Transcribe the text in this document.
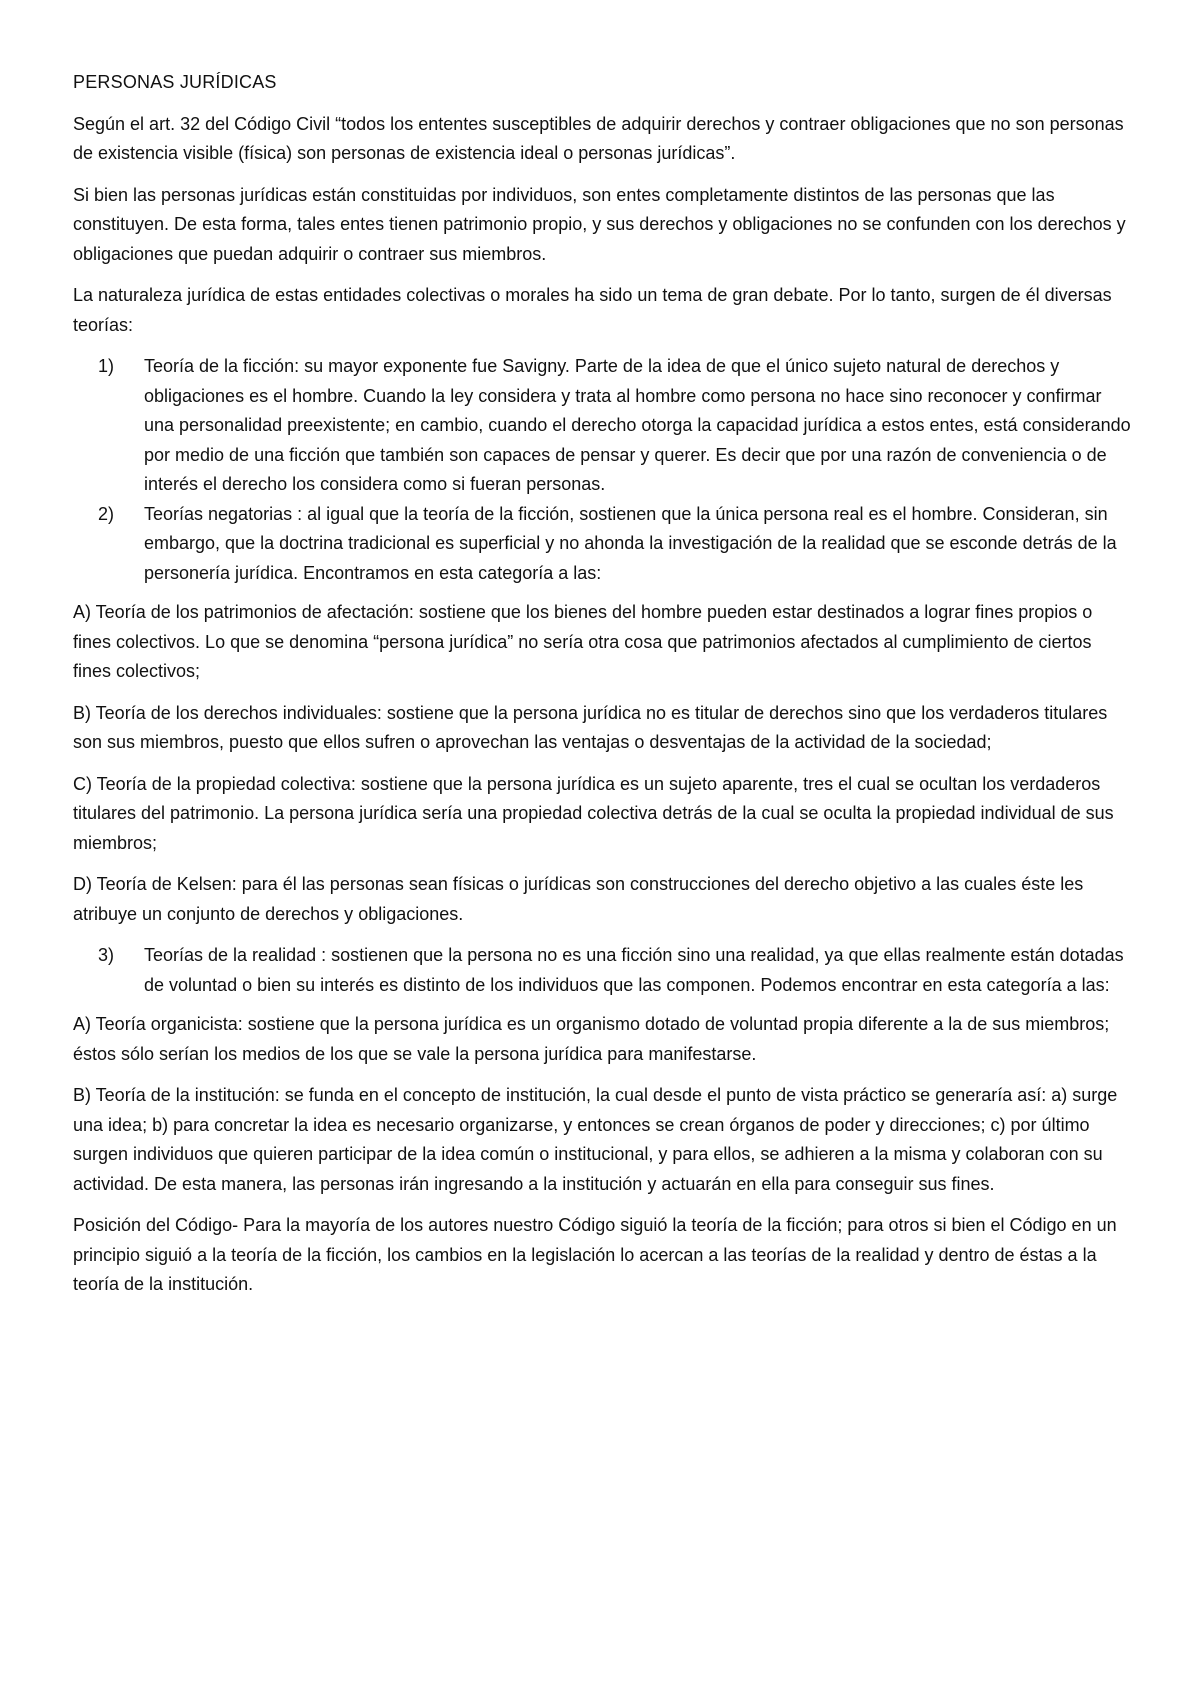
PERSONAS JURÍDICAS

Según el art. 32 del Código Civil “todos los ententes susceptibles de adquirir derechos y contraer obligaciones que no son personas de existencia visible (física) son personas de existencia ideal o personas jurídicas”.

Si bien las personas jurídicas están constituidas por individuos, son entes completamente distintos de las personas que las constituyen. De esta forma, tales entes tienen patrimonio propio, y sus derechos y obligaciones no se confunden con los derechos y obligaciones que puedan adquirir o contraer sus miembros.

La naturaleza jurídica de estas entidades colectivas o morales ha sido un tema de gran debate. Por lo tanto, surgen de él diversas teorías:

1) Teoría de la ficción: su mayor exponente fue Savigny. Parte de la idea de que el único sujeto natural de derechos y obligaciones es el hombre. Cuando la ley considera y trata al hombre como persona no hace sino reconocer y confirmar una personalidad preexistente; en cambio, cuando el derecho otorga la capacidad jurídica a estos entes, está considerando por medio de una ficción que también son capaces de pensar y querer. Es decir que por una razón de conveniencia o de interés el derecho los considera como si fueran personas.
2) Teorías negatorias : al igual que la teoría de la ficción, sostienen que la única persona real es el hombre. Consideran, sin embargo, que la doctrina tradicional es superficial y no ahonda la investigación de la realidad que se esconde detrás de la personería jurídica. Encontramos en esta categoría a las:

A) Teoría de los patrimonios de afectación: sostiene que los bienes del hombre pueden estar destinados a lograr fines propios o fines colectivos. Lo que se denomina “persona jurídica” no sería otra cosa que patrimonios afectados al cumplimiento de ciertos fines colectivos;

B) Teoría de los derechos individuales: sostiene que la persona jurídica no es titular de derechos sino que los verdaderos titulares son sus miembros, puesto que ellos sufren o aprovechan las ventajas o desventajas de la actividad de la sociedad;

C) Teoría de la propiedad colectiva: sostiene que la persona jurídica es un sujeto aparente, tres el cual se ocultan los verdaderos titulares del patrimonio. La persona jurídica sería una propiedad colectiva detrás de la cual se oculta la propiedad individual de sus miembros;

D) Teoría de Kelsen: para él las personas sean físicas o jurídicas son construcciones del derecho objetivo a las cuales éste les atribuye un conjunto de derechos y obligaciones.

3) Teorías de la realidad : sostienen que la persona no es una ficción sino una realidad, ya que ellas realmente están dotadas de voluntad o bien su interés es distinto de los individuos que las componen. Podemos encontrar en esta categoría a las:

A) Teoría organicista: sostiene que la persona jurídica es un organismo dotado de voluntad propia diferente a la de sus miembros; éstos sólo serían los medios de los que se vale la persona jurídica para manifestarse.

B) Teoría de la institución: se funda en el concepto de institución, la cual desde el punto de vista práctico se generaría así: a) surge una idea; b) para concretar la idea es necesario organizarse, y entonces se crean órganos de poder y direcciones; c) por último surgen individuos que quieren participar de la idea común o institucional, y para ellos, se adhieren a la misma y colaboran con su actividad. De esta manera, las personas irán ingresando a la institución y actuarán en ella para conseguir sus fines.

Posición del Código- Para la mayoría de los autores nuestro Código siguió la teoría de la ficción; para otros si bien el Código en un principio siguió a la teoría de la ficción, los cambios en la legislación lo acercan a las teorías de la realidad y dentro de éstas a la teoría de la institución.
